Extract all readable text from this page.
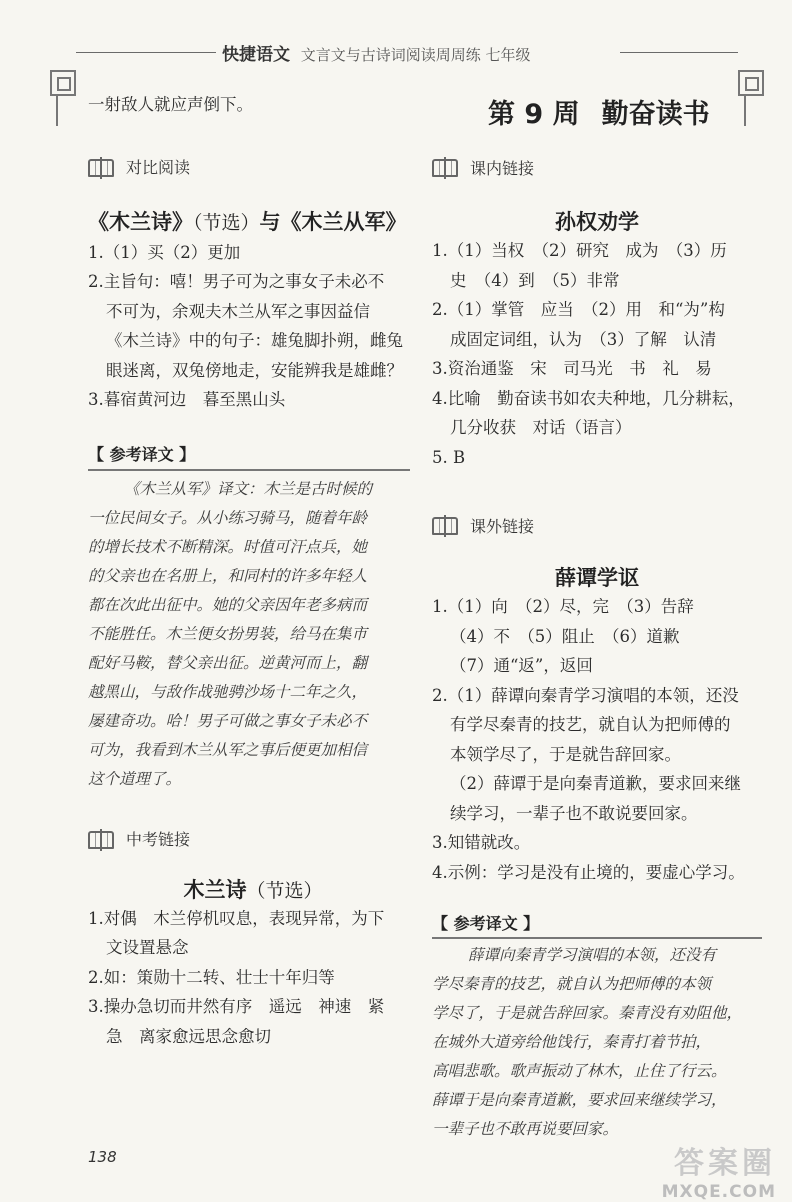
快捷语文 文言文与古诗词阅读周周练 七年级
第 9 周 勤奋读书
一射敌人就应声倒下。
对比阅读
《木兰诗》（节选）与《木兰从军》
1.（1）买（2）更加
2.主旨句：嘻！男子可为之事女子未必不
不可为，余观夫木兰从军之事因益信
《木兰诗》中的句子：雄兔脚扑朔，雌兔
眼迷离，双兔傍地走，安能辨我是雄雌？
3.暮宿黄河边　暮至黑山头
【 参考译文 】
《木兰从军》译文：木兰是古时候的
一位民间女子。从小练习骑马，随着年龄
的增长技术不断精深。时值可汗点兵，她
的父亲也在名册上，和同村的许多年轻人
都在次此出征中。她的父亲因年老多病而
不能胜任。木兰便女扮男装，给马在集市
配好马鞍，替父亲出征。逆黄河而上，翻
越黑山，与敌作战驰骋沙场十二年之久，
屡建奇功。哈！男子可做之事女子未必不
可为，我看到木兰从军之事后便更加相信
这个道理了。
中考链接
木兰诗（节选）
1.对偶　木兰停机叹息，表现异常，为下
文设置悬念
2.如：策勋十二转、壮士十年归等
3.操办急切而井然有序　遥远　神速　紧
急　离家愈远思念愈切
课内链接
孙权劝学
1.（1）当权　（2）研究　成为　（3）历
史　（4）到　（5）非常
2.（1）掌管　应当　（2）用　和“为”构
成固定词组，认为　（3）了解　认清
3.资治通鉴　宋　司马光　书　礼　易
4.比喻　勤奋读书如农夫种地，几分耕耘，
几分收获　对话（语言）
5. B
课外链接
薛谭学讴
1.（1）向　（2）尽，完　（3）告辞
（4）不　（5）阻止　（6）道歉
（7）通“返”，返回
2.（1）薛谭向秦青学习演唱的本领，还没
有学尽秦青的技艺，就自认为把师傅的
本领学尽了，于是就告辞回家。
（2）薛谭于是向秦青道歉，要求回来继
续学习，一辈子也不敢说要回家。
3.知错就改。
4.示例：学习是没有止境的，要虚心学习。
【 参考译文 】
薛谭向秦青学习演唱的本领，还没有
学尽秦青的技艺，就自认为把师傅的本领
学尽了，于是就告辞回家。秦青没有劝阻他，
在城外大道旁给他饯行，秦青打着节拍，
高唱悲歌。歌声振动了林木，止住了行云。
薛谭于是向秦青道歉，要求回来继续学习，
一辈子也不敢再说要回家。
138	答案圈
MXQE.COM
